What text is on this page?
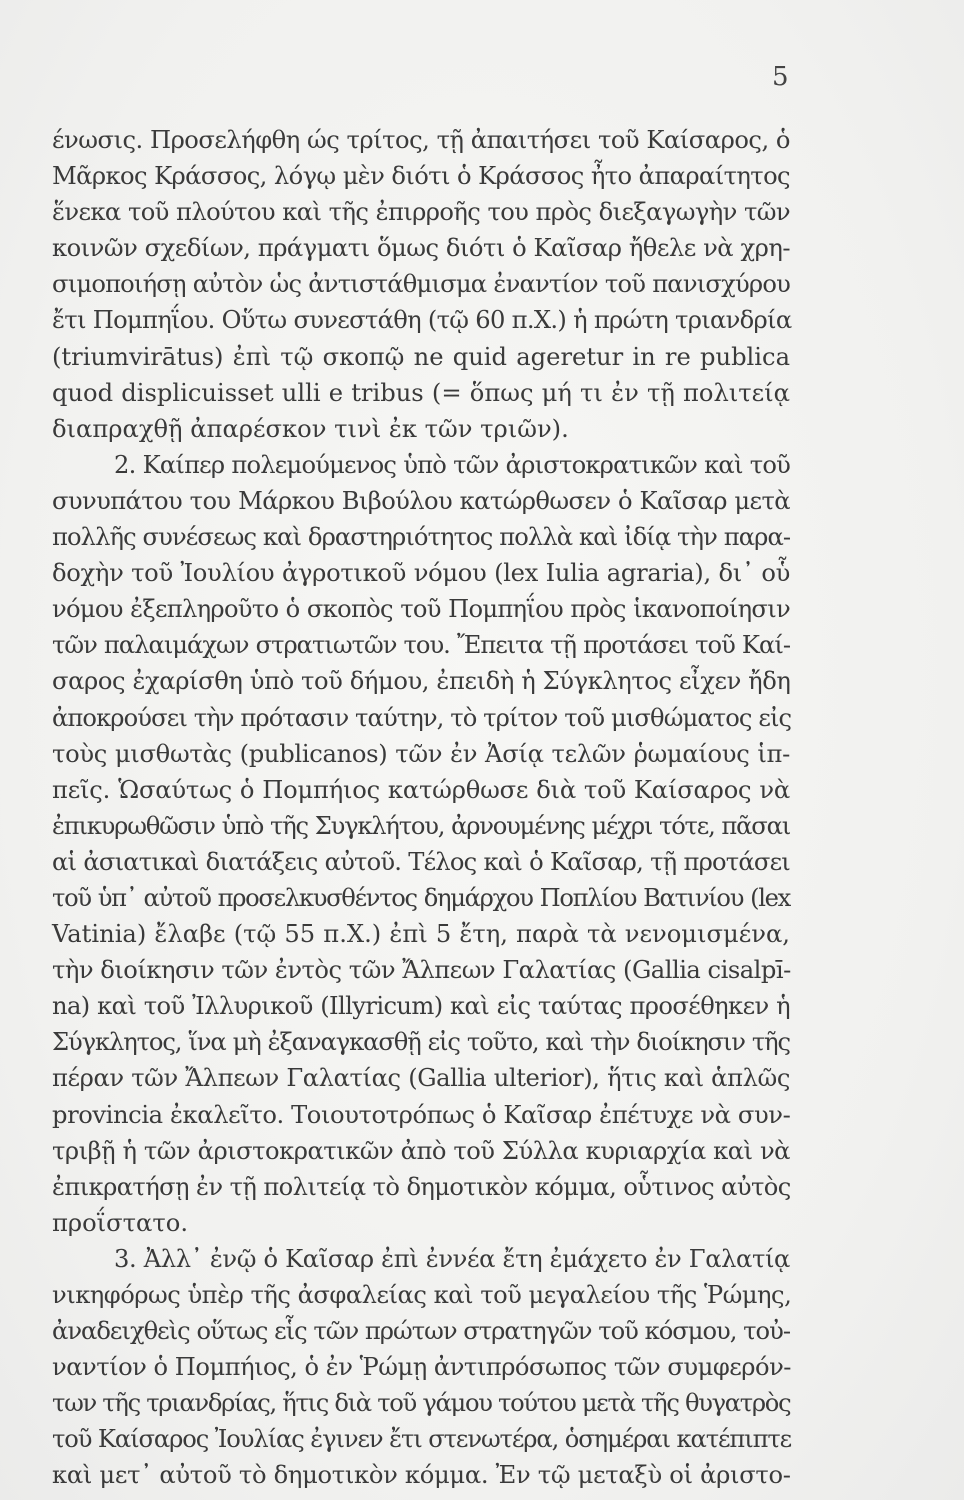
5
ένωσις. Προσελήφθη ώς τρίτος, τῇ ἀπαιτήσει τοῦ Καίσαρος, ὁ
Μᾶρκος Κράσσος, λόγῳ μὲν διότι ὁ Κράσσος ἦτο ἀπαραίτητος
ἕνεκα τοῦ πλούτου καὶ τῆς ἐπιρροῆς του πρὸς διεξαγωγὴν τῶν
κοινῶν σχεδίων, πράγματι ὅμως διότι ὁ Καῖσαρ ἤθελε νὰ χρη-
σιμοποιήσῃ αὐτὸν ὡς ἀντιστάθμισμα ἐναντίον τοῦ πανισχύρου
ἔτι Πομπηΐου. Οὕτω συνεστάθη (τῷ 60 π.Χ.) ἡ πρώτη τριανδρία
(triumvirātus) ἐπὶ τῷ σκοπῷ ne quid ageretur in re publica
quod displicuisset ulli e tribus (= ὅπως μή τι ἐν τῇ πολιτείᾳ
διαπραχθῇ ἀπαρέσκον τινὶ ἐκ τῶν τριῶν).
2. Καίπερ πολεμούμενος ὑπὸ τῶν ἀριστοκρατικῶν καὶ τοῦ
συνυπάτου του Μάρκου Βιβούλου κατώρθωσεν ὁ Καῖσαρ μετὰ
πολλῆς συνέσεως καὶ δραστηριότητος πολλὰ καὶ ἰδίᾳ τὴν παρα-
δοχὴν τοῦ Ἰουλίου ἀγροτικοῦ νόμου (lex Iulia agraria), δι᾿ οὗ
νόμου ἐξεπληροῦτο ὁ σκοπὸς τοῦ Πομπηΐου πρὸς ἱκανοποίησιν
τῶν παλαιμάχων στρατιωτῶν του. Ἔπειτα τῇ προτάσει τοῦ Καί-
σαρος ἐχαρίσθη ὑπὸ τοῦ δήμου, ἐπειδὴ ἡ Σύγκλητος εἶχεν ἤδη
ἀποκρούσει τὴν πρότασιν ταύτην, τὸ τρίτον τοῦ μισθώματος εἰς
τοὺς μισθωτὰς (publicanos) τῶν ἐν Ἀσίᾳ τελῶν ῥωμαίους ἱπ-
πεῖς. Ὡσαύτως ὁ Πομπήιος κατώρθωσε διὰ τοῦ Καίσαρος νὰ
ἐπικυρωθῶσιν ὑπὸ τῆς Συγκλήτου, ἀρνουμένης μέχρι τότε, πᾶσαι
αἱ ἀσιατικαὶ διατάξεις αὐτοῦ. Τέλος καὶ ὁ Καῖσαρ, τῇ προτάσει
τοῦ ὑπ᾿ αὐτοῦ προσελκυσθέντος δημάρχου Ποπλίου Βατινίου (lex
Vatinia) ἔλαβε (τῷ 55 π.Χ.) ἐπὶ 5 ἔτη, παρὰ τὰ νενομισμένα,
τὴν διοίκησιν τῶν ἐντὸς τῶν Ἄλπεων Γαλατίας (Gallia cisalpī-
na) καὶ τοῦ Ἰλλυρικοῦ (Illyricum) καὶ εἰς ταύτας προσέθηκεν ἡ
Σύγκλητος, ἵνα μὴ ἐξαναγκασθῇ εἰς τοῦτο, καὶ τὴν διοίκησιν τῆς
πέραν τῶν Ἄλπεων Γαλατίας (Gallia ulterior), ἥτις καὶ ἁπλῶς
provincia ἐκαλεῖτο. Τοιουτοτρόπως ὁ Καῖσαρ ἐπέτυχε νὰ συν-
τριβῇ ἡ τῶν ἀριστοκρατικῶν ἀπὸ τοῦ Σύλλα κυριαρχία καὶ νὰ
ἐπικρατήσῃ ἐν τῇ πολιτείᾳ τὸ δημοτικὸν κόμμα, οὗτινος αὐτὸς
προΐστατο.
3. Ἀλλ᾿ ἐνῷ ὁ Καῖσαρ ἐπὶ ἐννέα ἔτη ἐμάχετο ἐν Γαλατίᾳ
νικηφόρως ὑπὲρ τῆς ἀσφαλείας καὶ τοῦ μεγαλείου τῆς Ῥώμης,
ἀναδειχθεὶς οὕτως εἷς τῶν πρώτων στρατηγῶν τοῦ κόσμου, τοὐ-
ναντίον ὁ Πομπήιος, ὁ ἐν Ῥώμῃ ἀντιπρόσωπος τῶν συμφερόν-
των τῆς τριανδρίας, ἥτις διὰ τοῦ γάμου τούτου μετὰ τῆς θυγατρὸς
τοῦ Καίσαρος Ἰουλίας ἐγινεν ἔτι στενωτέρα, ὁσημέραι κατέπιπτε
καὶ μετ᾿ αὐτοῦ τὸ δημοτικὸν κόμμα. Ἐν τῷ μεταξὺ οἱ ἀριστο-
